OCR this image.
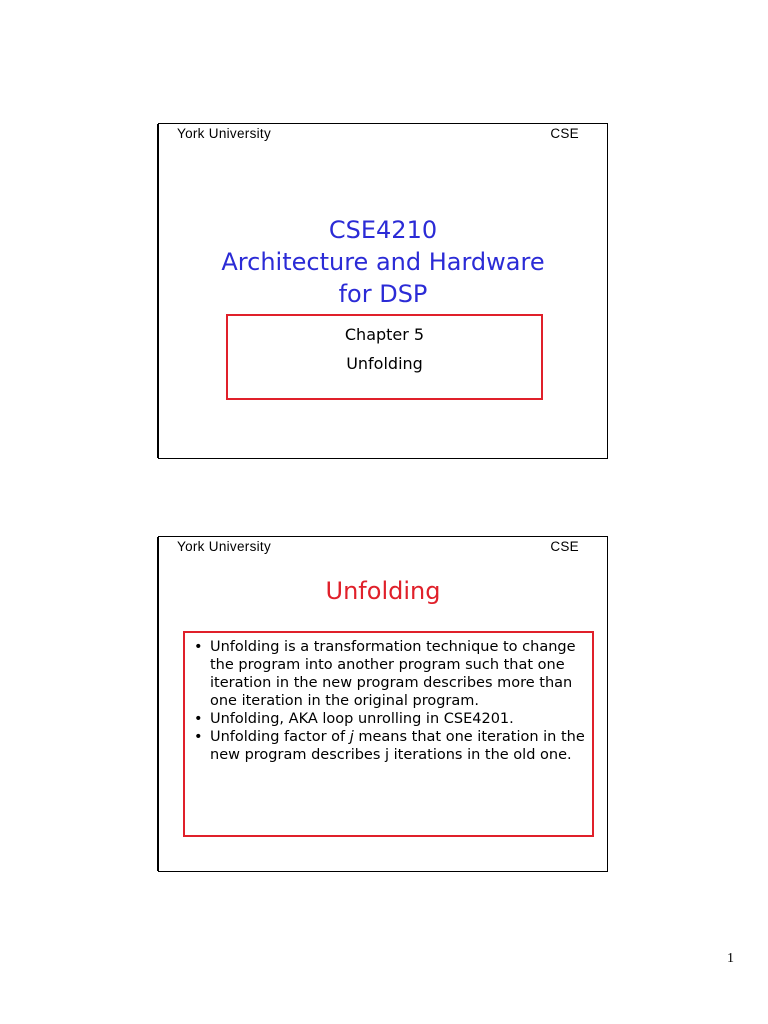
York University	CSE
CSE4210
Architecture and Hardware
for DSP
Chapter 5
Unfolding
York University	CSE
Unfolding
• Unfolding is a transformation technique to change the program into another program such that one iteration in the new program describes more than one iteration in the original program.
• Unfolding, AKA loop unrolling in CSE4201.
• Unfolding factor of j means that one iteration in the new program describes j iterations in the old one.
1
